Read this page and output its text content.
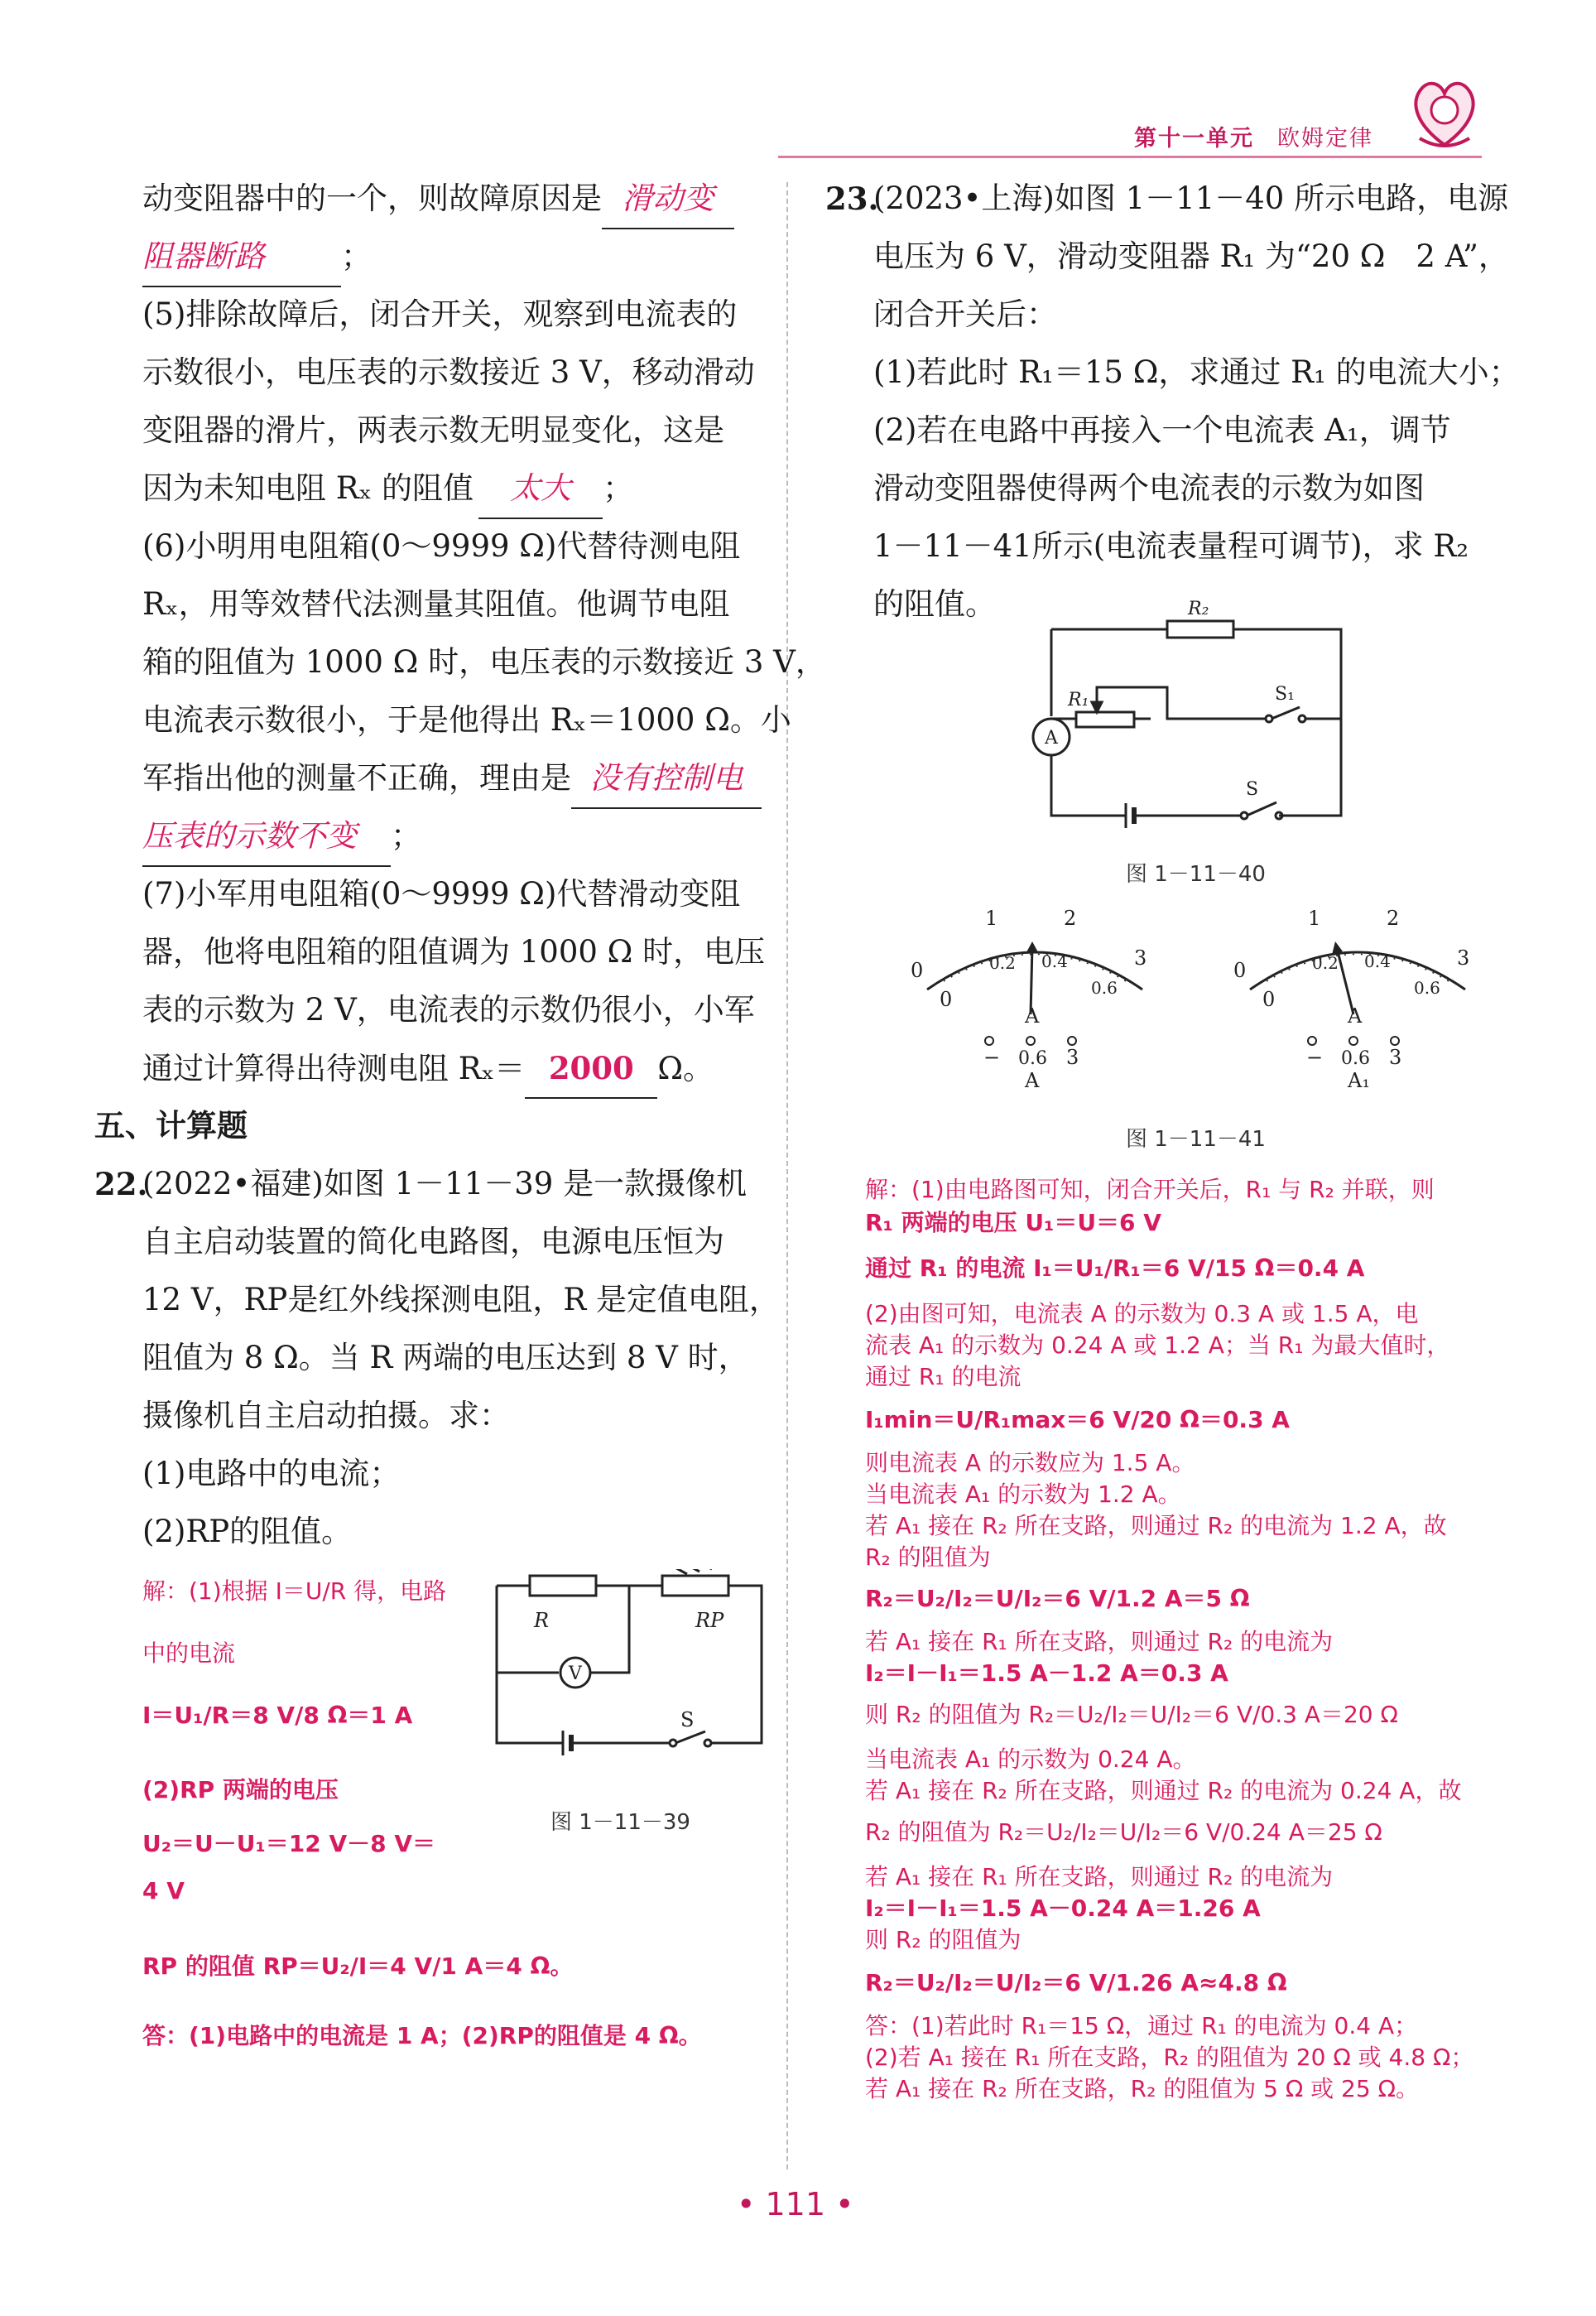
第十一单元 欧姆定律
动变阻器中的一个，则故障原因是 滑动变
阻器断路 ；
(5)排除故障后，闭合开关，观察到电流表的
示数很小，电压表的示数接近 3 V，移动滑动
变阻器的滑片，两表示数无明显变化，这是
因为未知电阻 Rₓ 的阻值 太大 ；
(6)小明用电阻箱(0～9999 Ω)代替待测电阻
Rₓ，用等效替代法测量其阻值。他调节电阻
箱的阻值为 1000 Ω 时，电压表的示数接近 3 V，
电流表示数很小，于是他得出 Rₓ＝1000 Ω。小
军指出他的测量不正确，理由是 没有控制电
压表的示数不变 ；
(7)小军用电阻箱(0～9999 Ω)代替滑动变阻
器，他将电阻箱的阻值调为 1000 Ω 时，电压
表的示数为 2 V，电流表的示数仍很小，小军
通过计算得出待测电阻 Rₓ＝ 2000 Ω。
五、计算题
22.
(2022•福建)如图 1－11－39 是一款摄像机
自主启动装置的简化电路图，电源电压恒为
12 V，RP是红外线探测电阻，R 是定值电阻，
阻值为 8 Ω。当 R 两端的电压达到 8 V 时，
摄像机自主启动拍摄。求：
(1)电路中的电流；
(2)RP的阻值。
解：(1)根据 I＝U/R 得，电路
中的电流
I＝U₁/R＝8 V/8 Ω＝1 A
(2)RP 两端的电压
U₂＝U－U₁＝12 V－8 V＝
4 V
RP 的阻值 RP＝U₂/I＝4 V/1 A＝4 Ω。
答：(1)电路中的电流是 1 A；(2)RP的阻值是 4 Ω。
R	RP
V
S
图 1－11－39
23.
(2023•上海)如图 1－11－40 所示电路，电源
电压为 6 V，滑动变阻器 R₁ 为“20 Ω　2 A”，
闭合开关后：
(1)若此时 R₁＝15 Ω，求通过 R₁ 的电流大小；
(2)若在电路中再接入一个电流表 A₁，调节
滑动变阻器使得两个电流表的示数为如图
1－11－41所示(电流表量程可调节)，求 R₂
的阻值。	R₂
R₁	S₁
S
A
图 1－11－40
1	2
3
0	0.2 0.4
0.6
0
A
− 0.6 3
A
1	2
3
0	0.2 0.4
0.6
0
A
− 0.6 3
A₁
图 1－11－41
解：(1)由电路图可知，闭合开关后，R₁ 与 R₂ 并联，则
R₁ 两端的电压 U₁＝U＝6 V
通过 R₁ 的电流 I₁＝U₁/R₁＝6 V/15 Ω＝0.4 A
(2)由图可知，电流表 A 的示数为 0.3 A 或 1.5 A，电
流表 A₁ 的示数为 0.24 A 或 1.2 A；当 R₁ 为最大值时，
通过 R₁ 的电流
I₁min＝U/R₁max＝6 V/20 Ω＝0.3 A
则电流表 A 的示数应为 1.5 A。
当电流表 A₁ 的示数为 1.2 A。
若 A₁ 接在 R₂ 所在支路，则通过 R₂ 的电流为 1.2 A，故
R₂ 的阻值为
R₂＝U₂/I₂＝U/I₂＝6 V/1.2 A＝5 Ω
若 A₁ 接在 R₁ 所在支路，则通过 R₂ 的电流为
I₂＝I－I₁＝1.5 A－1.2 A＝0.3 A
则 R₂ 的阻值为 R₂＝U₂/I₂＝U/I₂＝6 V/0.3 A＝20 Ω
当电流表 A₁ 的示数为 0.24 A。
若 A₁ 接在 R₂ 所在支路，则通过 R₂ 的电流为 0.24 A，故
R₂ 的阻值为 R₂＝U₂/I₂＝U/I₂＝6 V/0.24 A＝25 Ω
若 A₁ 接在 R₁ 所在支路，则通过 R₂ 的电流为
I₂＝I－I₁＝1.5 A－0.24 A＝1.26 A
则 R₂ 的阻值为
R₂＝U₂/I₂＝U/I₂＝6 V/1.26 A≈4.8 Ω
答：(1)若此时 R₁＝15 Ω，通过 R₁ 的电流为 0.4 A；
(2)若 A₁ 接在 R₁ 所在支路，R₂ 的阻值为 20 Ω 或 4.8 Ω；
若 A₁ 接在 R₂ 所在支路，R₂ 的阻值为 5 Ω 或 25 Ω。
• 111 •
